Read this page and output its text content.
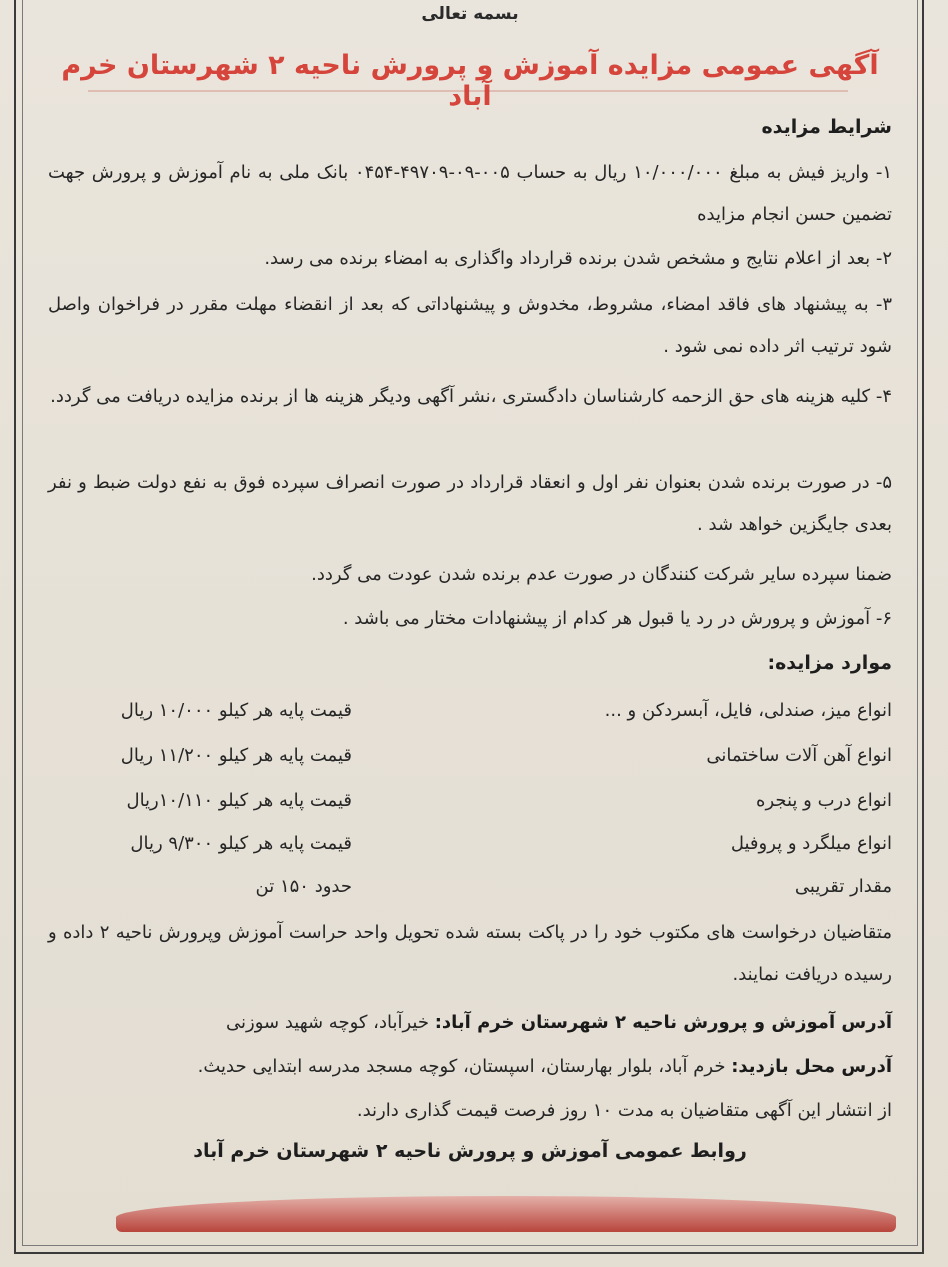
بسمه تعالی
آگهی عمومی مزایده آموزش و پرورش ناحیه ۲ شهرستان خرم آباد
شرایط مزایده
۱- واریز فیش به مبلغ ۱۰/۰۰۰/۰۰۰ ریال به حساب ۰۰۵-۰۹-۴۹۷۰۹-۰۴۵۴ بانک ملی به نام آموزش و پرورش جهت تضمین حسن انجام مزایده
۲- بعد از اعلام نتایج و مشخص شدن برنده قرارداد واگذاری به امضاء برنده می رسد.
۳- به پیشنهاد های فاقد امضاء، مشروط، مخدوش و پیشنهاداتی که بعد از انقضاء مهلت مقرر در فراخوان واصل شود ترتیب اثر داده نمی شود .
۴- کلیه هزینه های حق الزحمه کارشناسان دادگستری ،نشر آگهی ودیگر هزینه ها از برنده مزایده دریافت می گردد.
۵- در صورت برنده شدن بعنوان نفر اول و انعقاد قرارداد در صورت انصراف سپرده فوق به نفع دولت ضبط و نفر بعدی جایگزین خواهد شد .
ضمنا سپرده سایر شرکت کنندگان در صورت عدم برنده شدن عودت می گردد.
۶- آموزش و پرورش در رد یا قبول هر کدام از پیشنهادات مختار می باشد .
موارد مزایده:
انواع میز، صندلی، فایل، آبسردکن و ...
قیمت پایه هر کیلو ۱۰/۰۰۰ ریال
انواع آهن آلات ساختمانی
قیمت پایه هر کیلو ۱۱/۲۰۰ ریال
انواع درب و پنجره
قیمت پایه هر کیلو ۱۰/۱۱۰ریال
انواع میلگرد و پروفیل
قیمت پایه هر کیلو ۹/۳۰۰ ریال
مقدار تقریبی
حدود ۱۵۰ تن
متقاضیان درخواست های مکتوب خود را در پاکت بسته شده تحویل واحد حراست آموزش وپرورش ناحیه ۲ داده و رسیده دریافت نمایند.
آدرس آموزش و پرورش ناحیه ۲ شهرستان خرم آباد: خیرآباد، کوچه شهید سوزنی
آدرس محل بازدید: خرم آباد، بلوار بهارستان، اسپستان، کوچه مسجد مدرسه ابتدایی حدیث.
از انتشار این آگهی متقاضیان به مدت ۱۰ روز فرصت قیمت گذاری دارند.
روابط عمومی آموزش و پرورش ناحیه ۲ شهرستان خرم آباد
